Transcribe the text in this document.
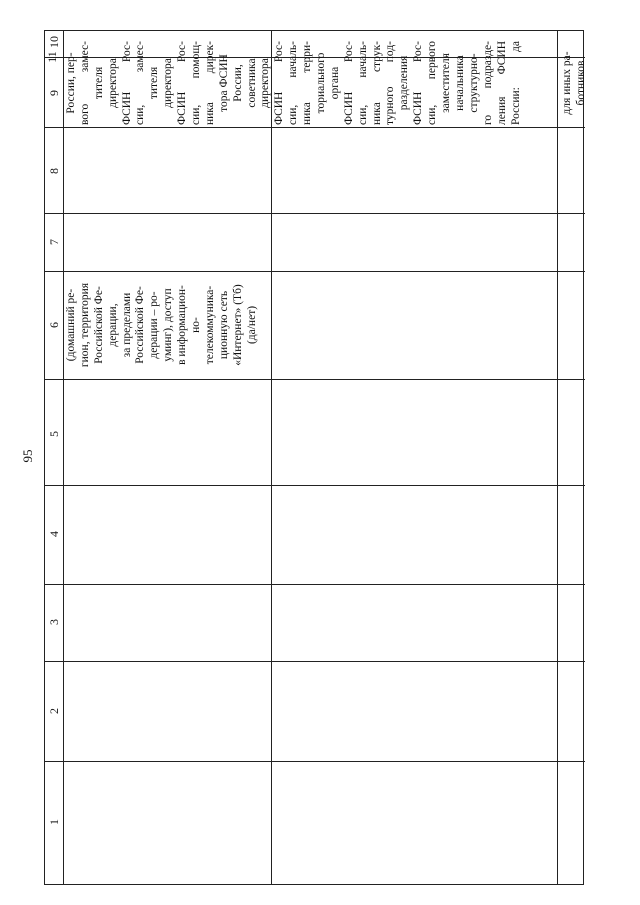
95
1
2
3
4
5
6
7
8
9
10
11
(домашний ре- гион, территория Российской Фе- дерации, за пределами Российской Фе- дерации – ро- уминг), доступ в информацион- но- телекоммуника- ционную сеть «Интернет» (Тб) (да/нет)
России, пер- вого замес- тителя директора ФСИН Рос- сии, замес- тителя директора ФСИН Рос- сии, помощ- ника дирек- тора ФСИН России, советника директора ФСИН Рос- сии, началь- ника терри- ториального органа ФСИН Рос- сии, началь- ника струк- турного под- разделения ФСИН Рос- сии, первого заместителя начальника структурно- го подразде- ления ФСИН России: да	для иных ра- ботников
